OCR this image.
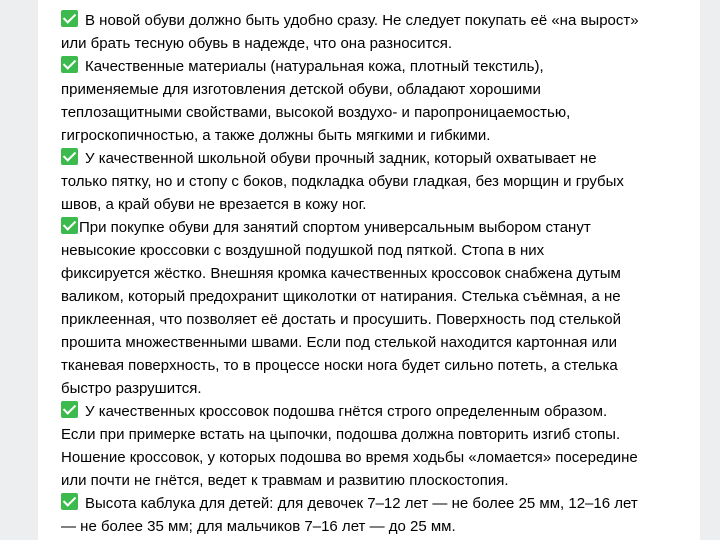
В новой обуви должно быть удобно сразу. Не следует покупать её «на вырост»
или брать тесную обувь в надежде, что она разносится.
Качественные материалы (натуральная кожа, плотный текстиль),
применяемые для изготовления детской обуви, обладают хорошими
теплозащитными свойствами, высокой воздухо- и паропроницаемостью,
гигроскопичностью, а также должны быть мягкими и гибкими.
У качественной школьной обуви прочный задник, который охватывает не
только пятку, но и стопу с боков, подкладка обуви гладкая, без морщин и грубых
швов, а край обуви не врезается в кожу ног.
При покупке обуви для занятий спортом универсальным выбором станут
невысокие кроссовки с воздушной подушкой под пяткой. Стопа в них
фиксируется жёстко. Внешняя кромка качественных кроссовок снабжена дутым
валиком, который предохранит щиколотки от натирания. Стелька съёмная, а не
приклеенная, что позволяет её достать и просушить. Поверхность под стелькой
прошита множественными швами. Если под стелькой находится картонная или
тканевая поверхность, то в процессе носки нога будет сильно потеть, а стелька
быстро разрушится.
У качественных кроссовок подошва гнётся строго определенным образом.
Если при примерке встать на цыпочки, подошва должна повторить изгиб стопы.
Ношение кроссовок, у которых подошва во время ходьбы «ломается» посередине
или почти не гнётся, ведет к травмам и развитию плоскостопия.
Высота каблука для детей: для девочек 7–12 лет — не более 25 мм, 12–16 лет
— не более 35 мм; для мальчиков 7–16 лет — до 25 мм.
